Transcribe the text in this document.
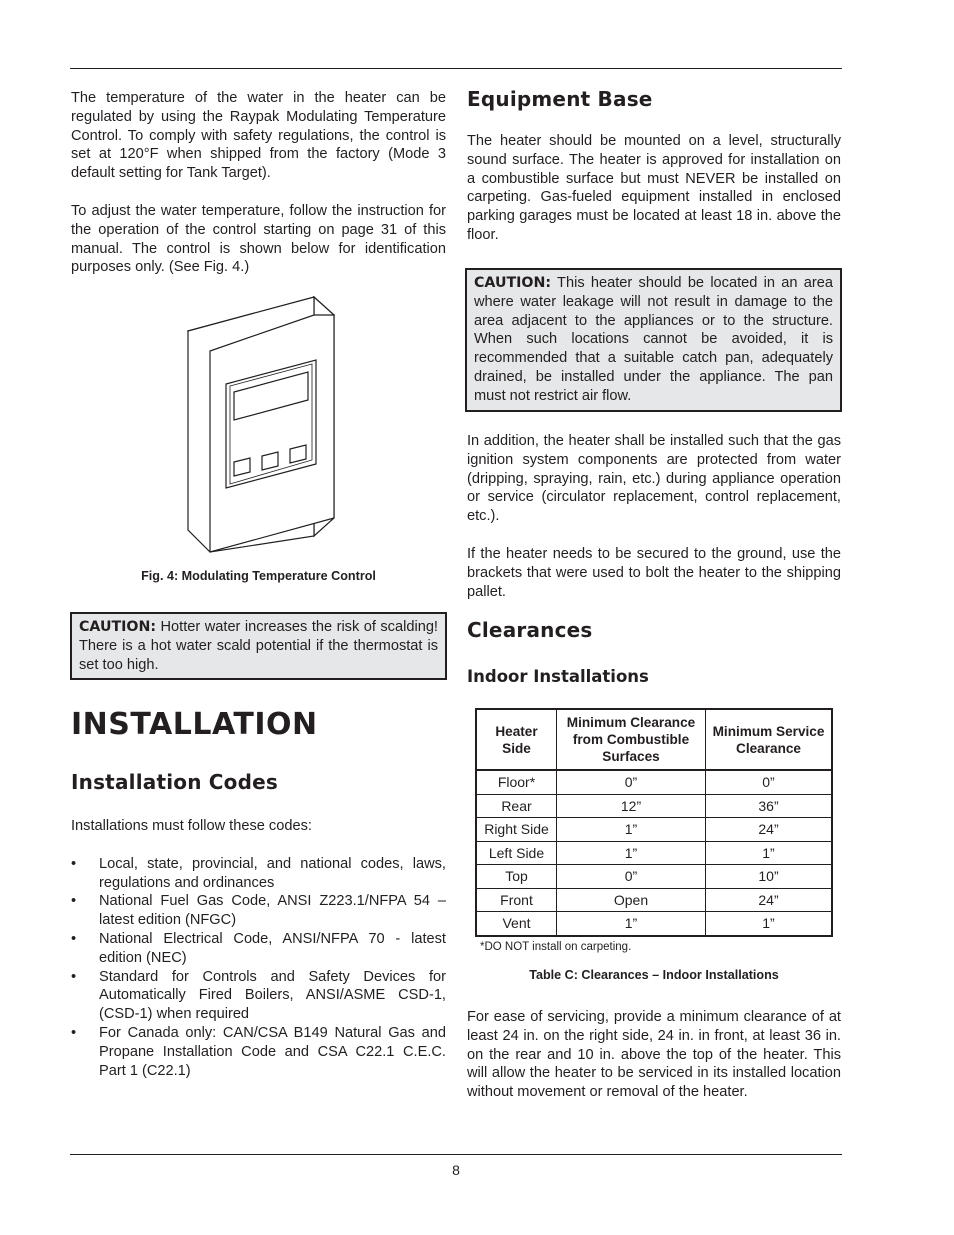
The temperature of the water in the heater can be regulated by using the Raypak Modulating Temperature Control. To comply with safety regulations, the control is set at 120°F when shipped from the factory (Mode 3 default setting for Tank Target).

To adjust the water temperature, follow the instruction for the operation of the control starting on page 31 of this manual. The control is shown below for identification purposes only. (See Fig. 4.)

Fig. 4: Modulating Temperature Control
CAUTION: Hotter water increases the risk of scalding! There is a hot water scald potential if the thermostat is set too high.
INSTALLATION
Installation Codes

Installations must follow these codes:

• Local, state, provincial, and national codes, laws, regulations and ordinances
• National Fuel Gas Code, ANSI Z223.1/NFPA 54 – latest edition (NFGC)
• National Electrical Code, ANSI/NFPA 70 - latest edition (NEC)
• Standard for Controls and Safety Devices for Automatically Fired Boilers, ANSI/ASME CSD-1, (CSD-1) when required
• For Canada only: CAN/CSA B149 Natural Gas and Propane Installation Code and CSA C22.1 C.E.C. Part 1 (C22.1)
Equipment Base

The heater should be mounted on a level, structurally sound surface. The heater is approved for installation on a combustible surface but must NEVER be installed on carpeting. Gas-fueled equipment installed in enclosed parking garages must be located at least 18 in. above the floor.

CAUTION: This heater should be located in an area where water leakage will not result in damage to the area adjacent to the appliances or to the structure. When such locations cannot be avoided, it is recommended that a suitable catch pan, adequately drained, be installed under the appliance. The pan must not restrict air flow.

In addition, the heater shall be installed such that the gas ignition system components are protected from water (dripping, spraying, rain, etc.) during appliance operation or service (circulator replacement, control replacement, etc.).

If the heater needs to be secured to the ground, use the brackets that were used to bolt the heater to the shipping pallet.

Clearances
Indoor Installations
Heater Side	Minimum Clearance from Combustible Surfaces	Minimum Service Clearance
Floor*	0”	0”
Rear	12”	36”
Right Side	1”	24”
Left Side	1”	1”
Top	0”	10”
Front	Open	24”
Vent	1”	1”
*DO NOT install on carpeting.
Table C: Clearances – Indoor Installations

For ease of servicing, provide a minimum clearance of at least 24 in. on the right side, 24 in. in front, at least 36 in. on the rear and 10 in. above the top of the heater. This will allow the heater to be serviced in its installed location without movement or removal of the heater.

8
